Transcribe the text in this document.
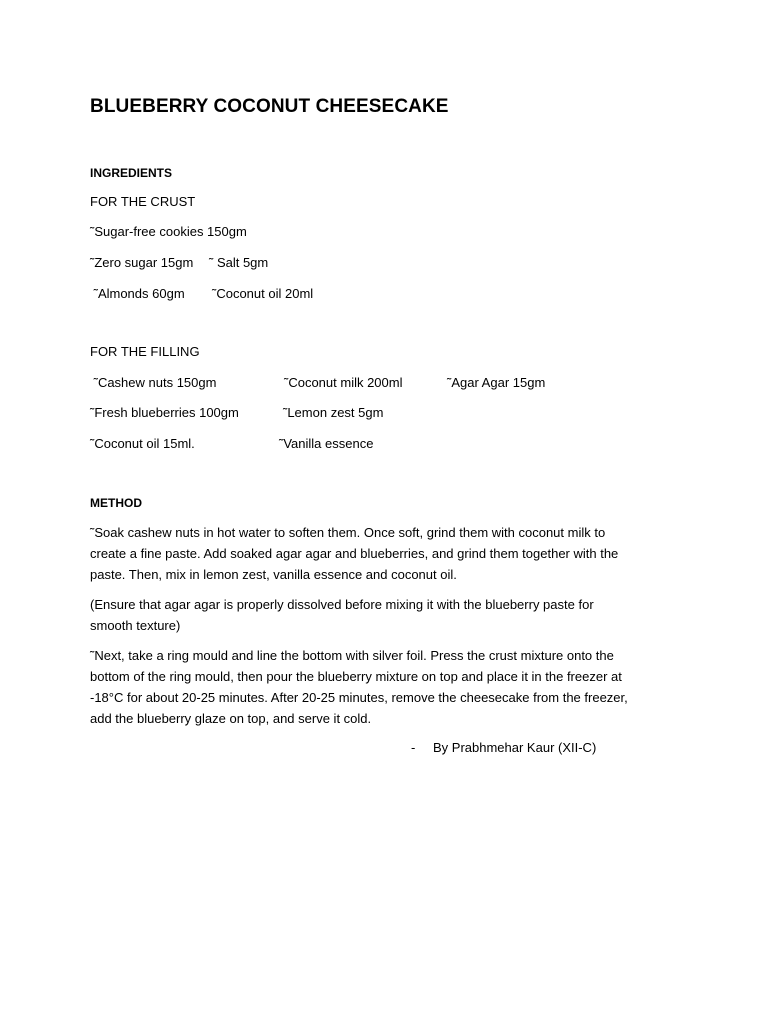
BLUEBERRY COCONUT CHEESECAKE
INGREDIENTS
FOR THE CRUST
˜Sugar-free cookies 150gm
˜Zero sugar 15gm ˜ Salt 5gm
˜Almonds 60gm ˜Coconut oil 20ml
FOR THE FILLING
˜Cashew nuts 150gm	˜Coconut milk 200ml	˜Agar Agar 15gm
˜Fresh blueberries 100gm	˜Lemon zest 5gm
˜Coconut oil 15ml.	˜Vanilla essence
METHOD
˜Soak cashew nuts in hot water to soften them. Once soft, grind them with coconut milk to
create a fine paste. Add soaked agar agar and blueberries, and grind them together with the
paste. Then, mix in lemon zest, vanilla essence and coconut oil.
(Ensure that agar agar is properly dissolved before mixing it with the blueberry paste for
smooth texture)
˜Next, take a ring mould and line the bottom with silver foil. Press the crust mixture onto the
bottom of the ring mould, then pour the blueberry mixture on top and place it in the freezer at
-18°C for about 20-25 minutes. After 20-25 minutes, remove the cheesecake from the freezer,
add the blueberry glaze on top, and serve it cold.
- By Prabhmehar Kaur (XII-C)
